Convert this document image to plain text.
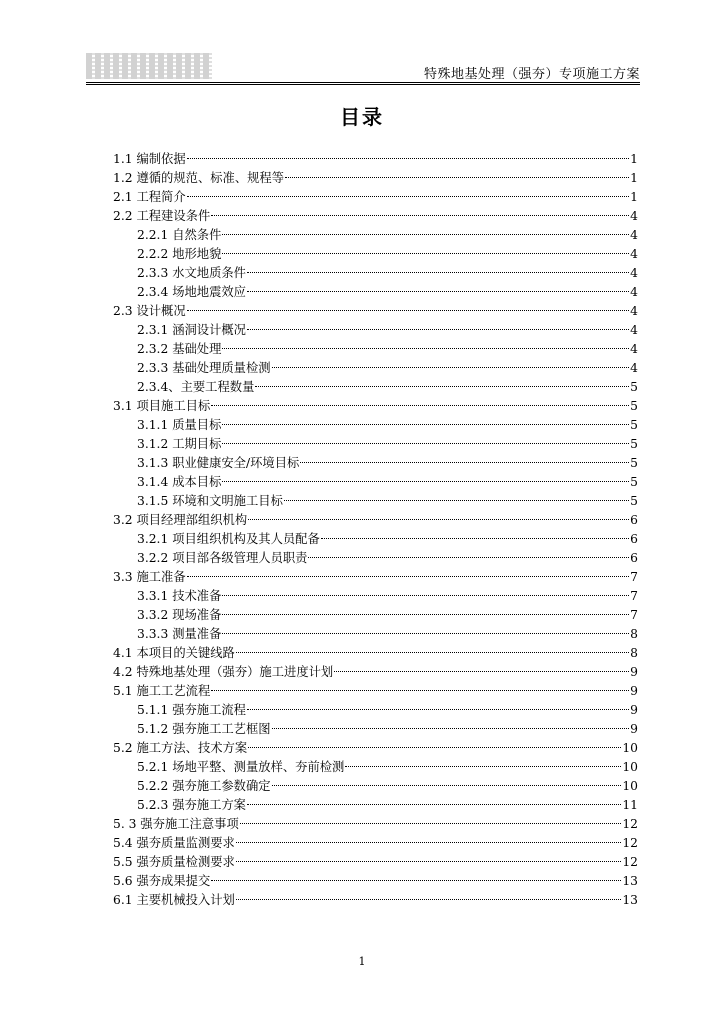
特殊地基处理（强夯）专项施工方案
目录
1.1 编制依据	1
1.2 遵循的规范、标准、规程等	1
2.1 工程简介	1
2.2 工程建设条件	4
2.2.1 自然条件	4
2.2.2 地形地貌	4
2.3.3 水文地质条件	4
2.3.4 场地地震效应	4
2.3 设计概况	4
2.3.1 涵洞设计概况	4
2.3.2 基础处理	4
2.3.3 基础处理质量检测	4
2.3.4、主要工程数量	5
3.1 项目施工目标	5
3.1.1 质量目标	5
3.1.2 工期目标	5
3.1.3 职业健康安全/环境目标	5
3.1.4 成本目标	5
3.1.5 环境和文明施工目标	5
3.2 项目经理部组织机构	6
3.2.1 项目组织机构及其人员配备	6
3.2.2 项目部各级管理人员职责	6
3.3 施工准备	7
3.3.1 技术准备	7
3.3.2 现场准备	7
3.3.3 测量准备	8
4.1 本项目的关键线路	8
4.2 特殊地基处理（强夯）施工进度计划	9
5.1 施工工艺流程	9
5.1.1 强夯施工流程	9
5.1.2 强夯施工工艺框图	9
5.2 施工方法、技术方案	10
5.2.1 场地平整、测量放样、夯前检测	10
5.2.2 强夯施工参数确定	10
5.2.3 强夯施工方案	11
5. 3 强夯施工注意事项	12
5.4 强夯质量监测要求	12
5.5 强夯质量检测要求	12
5.6 强夯成果提交	13
6.1 主要机械投入计划	13
1
